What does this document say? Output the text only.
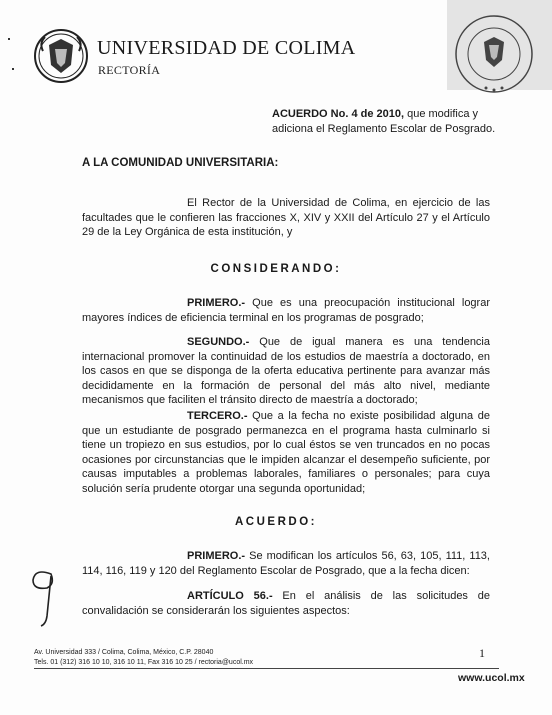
UNIVERSIDAD DE COLIMA
RECTORÍA

ACUERDO No. 4 de 2010, que modifica y adiciona el Reglamento Escolar de Posgrado.

A LA COMUNIDAD UNIVERSITARIA:

El Rector de la Universidad de Colima, en ejercicio de las facultades que le confieren las fracciones X, XIV y XXII del Artículo 27 y el Artículo 29 de la Ley Orgánica de esta institución, y

CONSIDERANDO:

PRIMERO.- Que es una preocupación institucional lograr mayores índices de eficiencia terminal en los programas de posgrado;

SEGUNDO.- Que de igual manera es una tendencia internacional promover la continuidad de los estudios de maestría a doctorado, en los casos en que se disponga de la oferta educativa pertinente para avanzar más decididamente en la formación de personal del más alto nivel, mediante mecanismos que faciliten el tránsito directo de maestría a doctorado;

TERCERO.- Que a la fecha no existe posibilidad alguna de que un estudiante de posgrado permanezca en el programa hasta culminarlo si tiene un tropiezo en sus estudios, por lo cual éstos se ven truncados en no pocas ocasiones por circunstancias que le impiden alcanzar el desempeño suficiente, por causas imputables a problemas laborales, familiares o personales; para cuya solución sería prudente otorgar una segunda oportunidad;

ACUERDO:

PRIMERO.- Se modifican los artículos 56, 63, 105, 111, 113, 114, 116, 119 y 120 del Reglamento Escolar de Posgrado, que a la fecha dicen:

ARTÍCULO 56.- En el análisis de las solicitudes de convalidación se considerarán los siguientes aspectos:

Av. Universidad 333 / Colima, Colima, México, C.P. 28040
Tels. 01 (312) 316 10 10, 316 10 11, Fax 316 10 25 / rectoria@ucol.mx
1
www.ucol.mx
